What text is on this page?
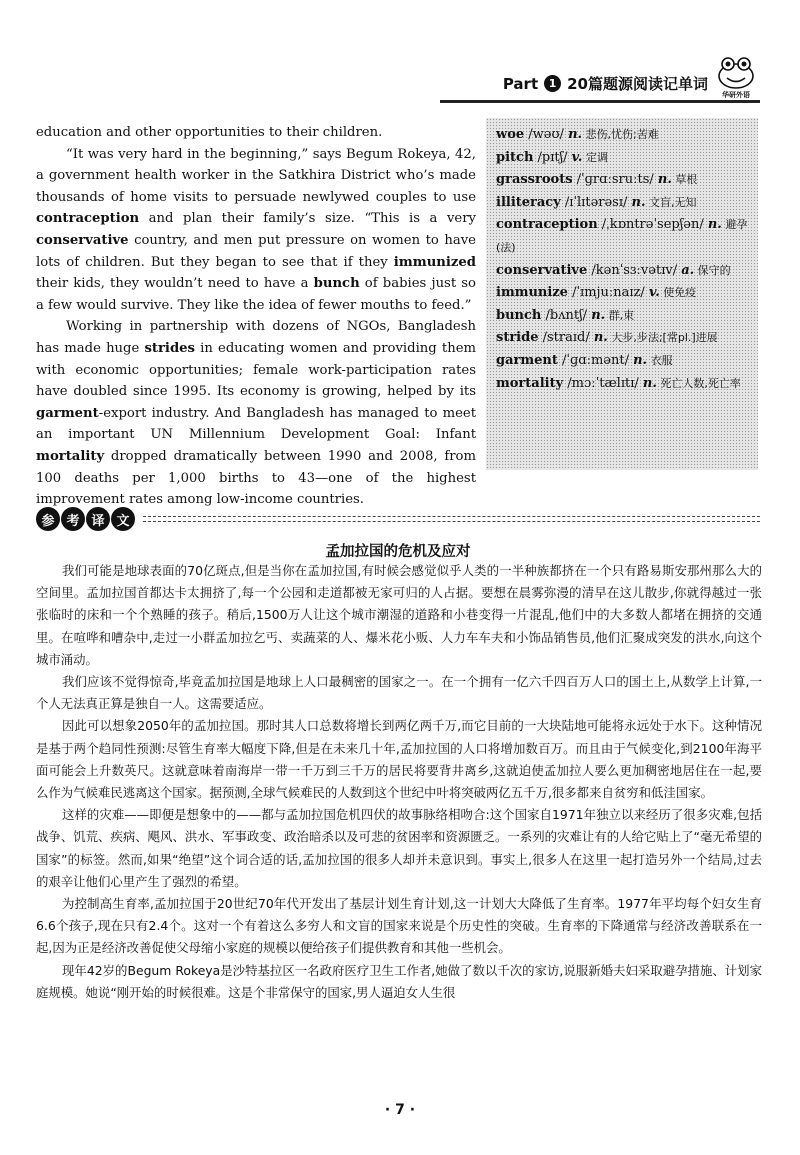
Part 1 20篇题源阅读记单词
华研外语

education and other opportunities to their children.

“It was very hard in the beginning,” says Begum Rokeya, 42, a government health worker in the Satkhira District who’s made thousands of home visits to persuade newlywed couples to use contraception and plan their family’s size. “This is a very conservative country, and men put pressure on women to have lots of children. But they began to see that if they immunized their kids, they wouldn’t need to have a bunch of babies just so a few would survive. They like the idea of fewer mouths to feed.”

Working in partnership with dozens of NGOs, Bangladesh has made huge strides in educating women and providing them with economic opportunities; female work-participation rates have doubled since 1995. Its economy is growing, helped by its garment-export industry. And Bangladesh has managed to meet an important UN Millennium Development Goal: Infant mortality dropped dramatically between 1990 and 2008, from 100 deaths per 1,000 births to 43—one of the highest improvement rates among low-income countries.

woe /wəʊ/ n. 悲伤,忧伤;苦难
pitch /pɪtʃ/ v. 定调
grassroots /ˈɡrɑːsruːts/ n. 草根
illiteracy /ɪˈlɪtərəsɪ/ n. 文盲,无知
contraception /ˌkɒntrəˈsepʃən/ n. 避孕(法)
conservative /kənˈsɜːvətɪv/ a. 保守的
immunize /ˈɪmjuːnaɪz/ v. 使免疫
bunch /bʌntʃ/ n. 群,束
stride /straɪd/ n. 大步,步法;[常pl.]进展
garment /ˈɡɑːmənt/ n. 衣服
mortality /mɔːˈtælɪtɪ/ n. 死亡人数,死亡率
参 考 译 文
孟加拉国的危机及应对

我们可能是地球表面的70亿斑点,但是当你在孟加拉国,有时候会感觉似乎人类的一半种族都挤在一个只有路易斯安那州那么大的空间里。孟加拉国首都达卡太拥挤了,每一个公园和走道都被无家可归的人占据。要想在晨雾弥漫的清早在这儿散步,你就得越过一张张临时的床和一个个熟睡的孩子。稍后,1500万人让这个城市潮湿的道路和小巷变得一片混乱,他们中的大多数人都堵在拥挤的交通里。在喧哗和嘈杂中,走过一小群孟加拉乞丐、卖蔬菜的人、爆米花小贩、人力车车夫和小饰品销售员,他们汇聚成突发的洪水,向这个城市涌动。

我们应该不觉得惊奇,毕竟孟加拉国是地球上人口最稠密的国家之一。在一个拥有一亿六千四百万人口的国土上,从数学上计算,一个人无法真正算是独自一人。这需要适应。

因此可以想象2050年的孟加拉国。那时其人口总数将增长到两亿两千万,而它目前的一大块陆地可能将永远处于水下。这种情况是基于两个趋同性预测:尽管生育率大幅度下降,但是在未来几十年,孟加拉国的人口将增加数百万。而且由于气候变化,到2100年海平面可能会上升数英尺。这就意味着南海岸一带一千万到三千万的居民将要背井离乡,这就迫使孟加拉人要么更加稠密地居住在一起,要么作为气候难民逃离这个国家。据预测,全球气候难民的人数到这个世纪中叶将突破两亿五千万,很多都来自贫穷和低洼国家。

这样的灾难——即便是想象中的——都与孟加拉国危机四伏的故事脉络相吻合:这个国家自1971年独立以来经历了很多灾难,包括战争、饥荒、疾病、飓风、洪水、军事政变、政治暗杀以及可悲的贫困率和资源匮乏。一系列的灾难让有的人给它贴上了“毫无希望的国家”的标签。然而,如果“绝望”这个词合适的话,孟加拉国的很多人却并未意识到。事实上,很多人在这里一起打造另外一个结局,过去的艰辛让他们心里产生了强烈的希望。

为控制高生育率,孟加拉国于20世纪70年代开发出了基层计划生育计划,这一计划大大降低了生育率。1977年平均每个妇女生育6.6个孩子,现在只有2.4个。这对一个有着这么多穷人和文盲的国家来说是个历史性的突破。生育率的下降通常与经济改善联系在一起,因为正是经济改善促使父母缩小家庭的规模以便给孩子们提供教育和其他一些机会。

现年42岁的Begum Rokeya是沙特基拉区一名政府医疗卫生工作者,她做了数以千次的家访,说服新婚夫妇采取避孕措施、计划家庭规模。她说“刚开始的时候很难。这是个非常保守的国家,男人逼迫女人生很

· 7 ·
